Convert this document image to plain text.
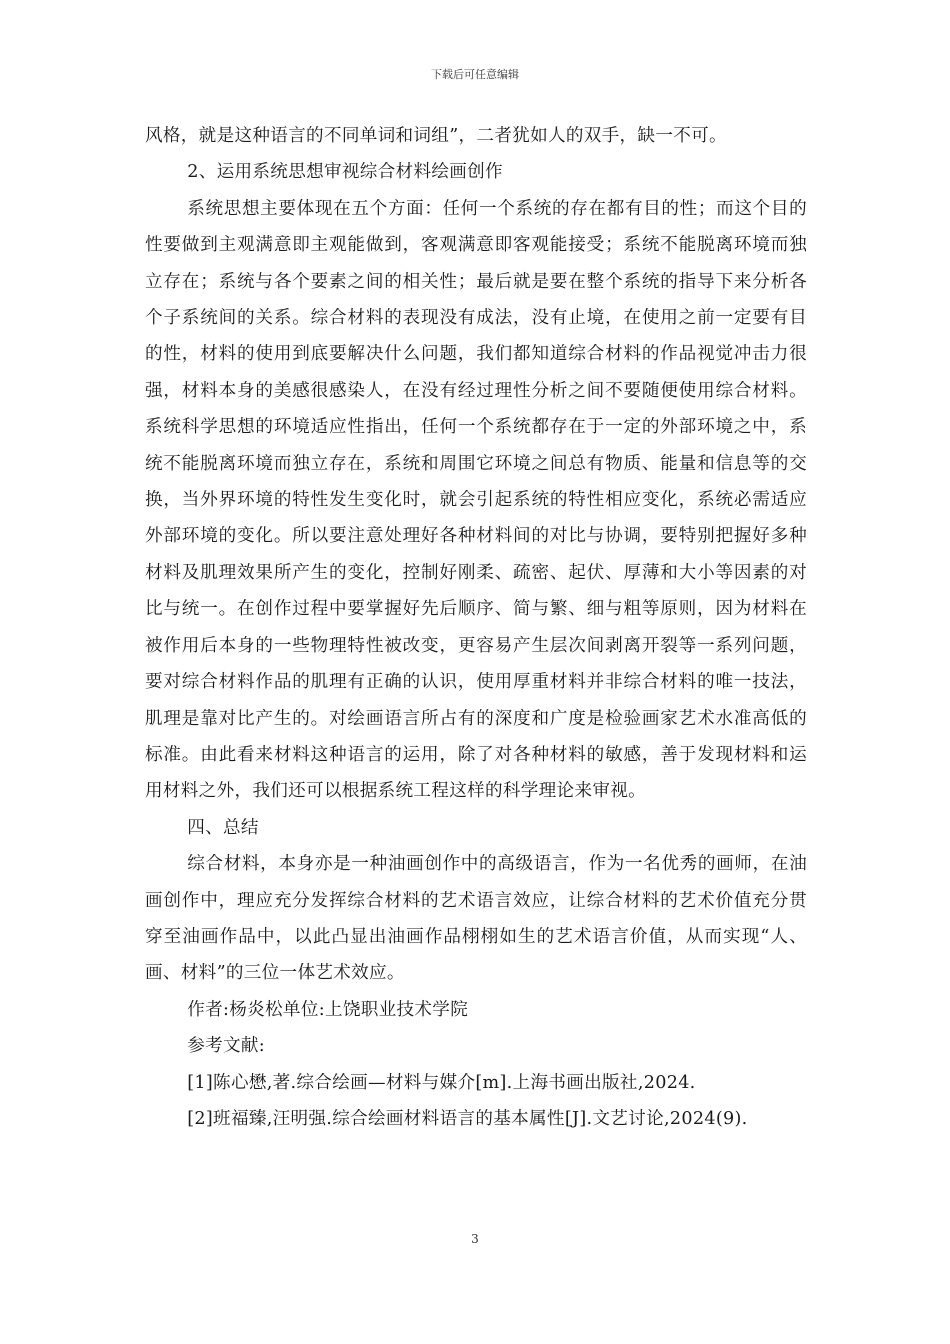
下载后可任意编辑

风格，就是这种语言的不同单词和词组”，二者犹如人的双手，缺一不可。

2、运用系统思想审视综合材料绘画创作

系统思想主要体现在五个方面：任何一个系统的存在都有目的性；而这个目的性要做到主观满意即主观能做到，客观满意即客观能接受；系统不能脱离环境而独立存在；系统与各个要素之间的相关性；最后就是要在整个系统的指导下来分析各个子系统间的关系。综合材料的表现没有成法，没有止境，在使用之前一定要有目的性，材料的使用到底要解决什么问题，我们都知道综合材料的作品视觉冲击力很强，材料本身的美感很感染人，在没有经过理性分析之间不要随便使用综合材料。系统科学思想的环境适应性指出，任何一个系统都存在于一定的外部环境之中，系统不能脱离环境而独立存在，系统和周围它环境之间总有物质、能量和信息等的交换，当外界环境的特性发生变化时，就会引起系统的特性相应变化，系统必需适应外部环境的变化。所以要注意处理好各种材料间的对比与协调，要特别把握好多种材料及肌理效果所产生的变化，控制好刚柔、疏密、起伏、厚薄和大小等因素的对比与统一。在创作过程中要掌握好先后顺序、简与繁、细与粗等原则，因为材料在被作用后本身的一些物理特性被改变，更容易产生层次间剥离开裂等一系列问题，要对综合材料作品的肌理有正确的认识，使用厚重材料并非综合材料的唯一技法，肌理是靠对比产生的。对绘画语言所占有的深度和广度是检验画家艺术水准高低的标准。由此看来材料这种语言的运用，除了对各种材料的敏感，善于发现材料和运用材料之外，我们还可以根据系统工程这样的科学理论来审视。

四、总结

综合材料，本身亦是一种油画创作中的高级语言，作为一名优秀的画师，在油画创作中，理应充分发挥综合材料的艺术语言效应，让综合材料的艺术价值充分贯穿至油画作品中，以此凸显出油画作品栩栩如生的艺术语言价值，从而实现“人、画、材料”的三位一体艺术效应。

作者:杨炎松单位:上饶职业技术学院

参考文献:

[1]陈心懋,著.综合绘画—材料与媒介[m].上海书画出版社,2024.

[2]班福臻,汪明强.综合绘画材料语言的基本属性[J].文艺讨论,2024(9).

3
